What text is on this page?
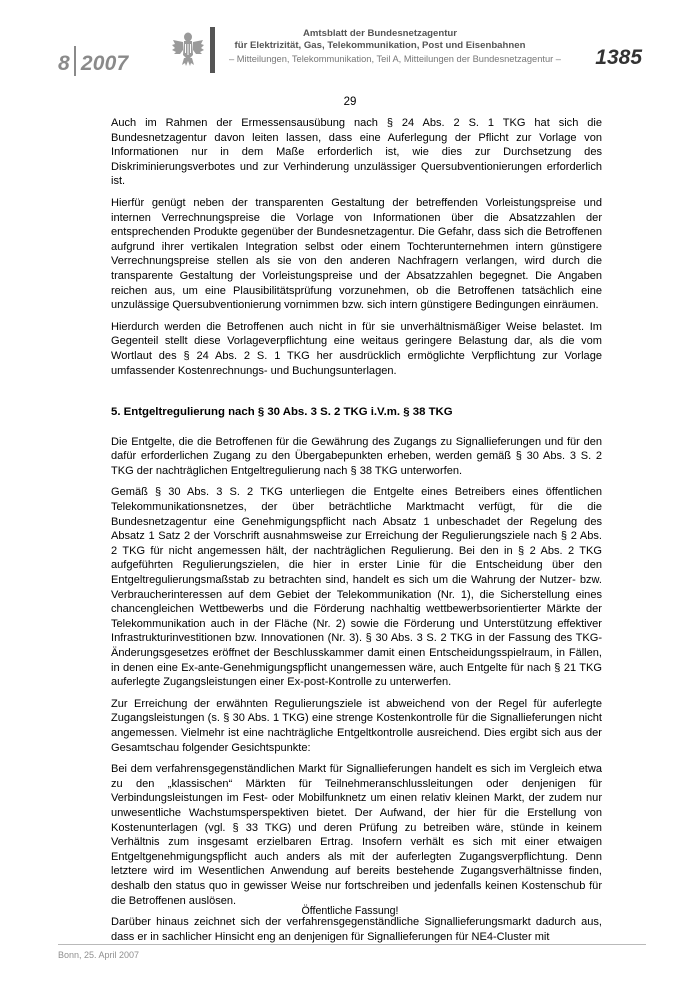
8 2007
Amtsblatt der Bundesnetzagentur
für Elektrizität, Gas, Telekommunikation, Post und Eisenbahnen
– Mitteilungen, Telekommunikation, Teil A, Mitteilungen der Bundesnetzagentur – 1385
29

Auch im Rahmen der Ermessensausübung nach § 24 Abs. 2 S. 1 TKG hat sich die Bundesnetzagentur davon leiten lassen, dass eine Auferlegung der Pflicht zur Vorlage von Informationen nur in dem Maße erforderlich ist, wie dies zur Durchsetzung des Diskriminierungsverbotes und zur Verhinderung unzulässiger Quersubventionierungen erforderlich ist.

Hierfür genügt neben der transparenten Gestaltung der betreffenden Vorleistungspreise und internen Verrechnungspreise die Vorlage von Informationen über die Absatzzahlen der entsprechenden Produkte gegenüber der Bundesnetzagentur. Die Gefahr, dass sich die Betroffenen aufgrund ihrer vertikalen Integration selbst oder einem Tochterunternehmen intern günstigere Verrechnungspreise stellen als sie von den anderen Nachfragern verlangen, wird durch die transparente Gestaltung der Vorleistungspreise und der Absatzzahlen begegnet. Die Angaben reichen aus, um eine Plausibilitätsprüfung vorzunehmen, ob die Betroffenen tatsächlich eine unzulässige Quersubventionierung vornimmen bzw. sich intern günstigere Bedingungen einräumen.

Hierdurch werden die Betroffenen auch nicht in für sie unverhältnismäßiger Weise belastet. Im Gegenteil stellt diese Vorlageverpflichtung eine weitaus geringere Belastung dar, als die vom Wortlaut des § 24 Abs. 2 S. 1 TKG her ausdrücklich ermöglichte Verpflichtung zur Vorlage umfassender Kostenrechnungs- und Buchungsunterlagen.

5. Entgeltregulierung nach § 30 Abs. 3 S. 2 TKG i.V.m. § 38 TKG

Die Entgelte, die die Betroffenen für die Gewährung des Zugangs zu Signallieferungen und für den dafür erforderlichen Zugang zu den Übergabepunkten erheben, werden gemäß § 30 Abs. 3 S. 2 TKG der nachträglichen Entgeltregulierung nach § 38 TKG unterworfen.

Gemäß § 30 Abs. 3 S. 2 TKG unterliegen die Entgelte eines Betreibers eines öffentlichen Telekommunikationsnetzes, der über beträchtliche Marktmacht verfügt, für die die Bundesnetzagentur eine Genehmigungspflicht nach Absatz 1 unbeschadet der Regelung des Absatz 1 Satz 2 der Vorschrift ausnahmsweise zur Erreichung der Regulierungsziele nach § 2 Abs. 2 TKG für nicht angemessen hält, der nachträglichen Regulierung. Bei den in § 2 Abs. 2 TKG aufgeführten Regulierungszielen, die hier in erster Linie für die Entscheidung über den Entgeltregulierungsmaßstab zu betrachten sind, handelt es sich um die Wahrung der Nutzer- bzw. Verbraucherinteressen auf dem Gebiet der Telekommunikation (Nr. 1), die Sicherstellung eines chancengleichen Wettbewerbs und die Förderung nachhaltig wettbewerbsorientierter Märkte der Telekommunikation auch in der Fläche (Nr. 2) sowie die Förderung und Unterstützung effektiver Infrastrukturinvestitionen bzw. Innovationen (Nr. 3). § 30 Abs. 3 S. 2 TKG in der Fassung des TKG-Änderungsgesetzes eröffnet der Beschlusskammer damit einen Entscheidungsspielraum, in Fällen, in denen eine Ex-ante-Genehmigungspflicht unangemessen wäre, auch Entgelte für nach § 21 TKG auferlegte Zugangsleistungen einer Ex-post-Kontrolle zu unterwerfen.

Zur Erreichung der erwähnten Regulierungsziele ist abweichend von der Regel für auferlegte Zugangsleistungen (s. § 30 Abs. 1 TKG) eine strenge Kostenkontrolle für die Signallieferungen nicht angemessen. Vielmehr ist eine nachträgliche Entgeltkontrolle ausreichend. Dies ergibt sich aus der Gesamtschau folgender Gesichtspunkte:

Bei dem verfahrensgegenständlichen Markt für Signallieferungen handelt es sich im Vergleich etwa zu den „klassischen“ Märkten für Teilnehmeranschlussleitungen oder denjenigen für Verbindungsleistungen im Fest- oder Mobilfunknetz um einen relativ kleinen Markt, der zudem nur unwesentliche Wachstumsperspektiven bietet. Der Aufwand, der hier für die Erstellung von Kostenunterlagen (vgl. § 33 TKG) und deren Prüfung zu betreiben wäre, stünde in keinem Verhältnis zum insgesamt erzielbaren Ertrag. Insofern verhält es sich mit einer etwaigen Entgeltgenehmigungspflicht auch anders als mit der auferlegten Zugangsverpflichtung. Denn letztere wird im Wesentlichen Anwendung auf bereits bestehende Zugangsverhältnisse finden, deshalb den status quo in gewisser Weise nur fortschreiben und jedenfalls keinen Kostenschub für die Betroffenen auslösen.

Darüber hinaus zeichnet sich der verfahrensgegenständliche Signallieferungsmarkt dadurch aus, dass er in sachlicher Hinsicht eng an denjenigen für Signallieferungen für NE4-Cluster mit

Öffentliche Fassung!
Bonn, 25. April 2007
